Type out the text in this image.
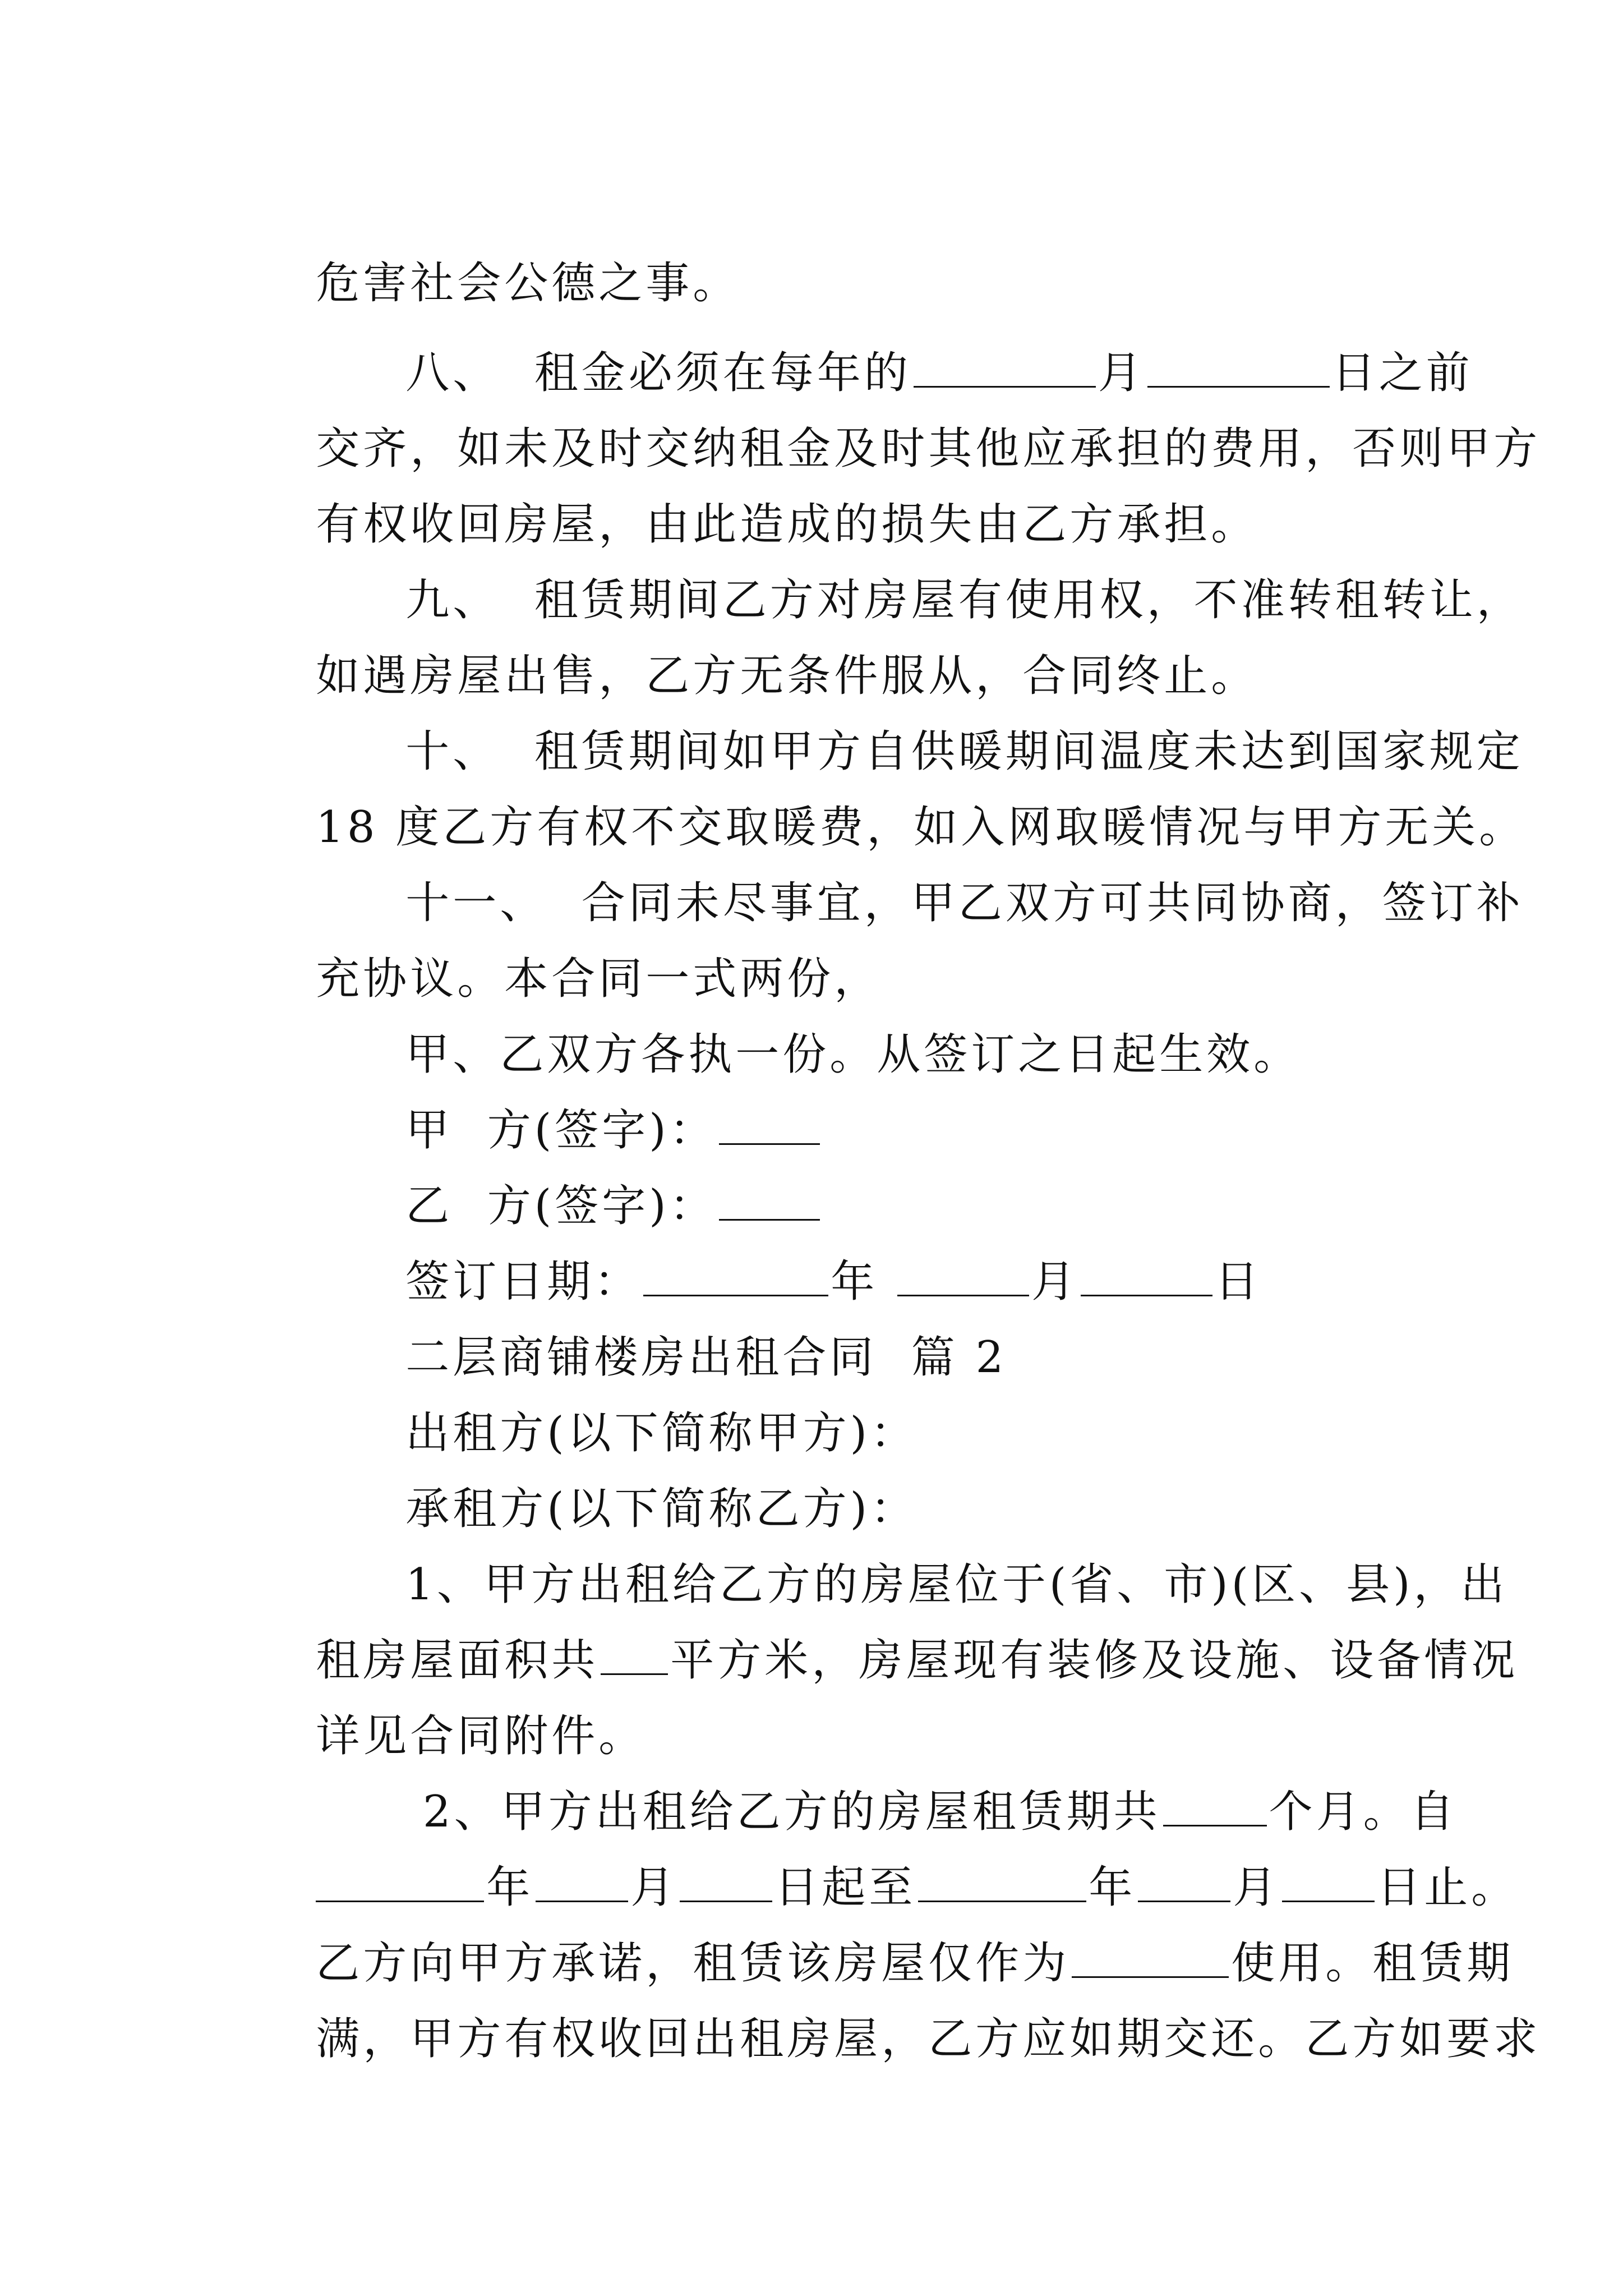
危害社会公德之事。

八、  租金必须在每年的	月	日之前

交齐，如未及时交纳租金及时其他应承担的费用，否则甲方

有权收回房屋，由此造成的损失由乙方承担。

九、  租赁期间乙方对房屋有使用权，不准转租转让，

如遇房屋出售，乙方无条件服从，合同终止。

十、  租赁期间如甲方自供暖期间温度未达到国家规定

18 度乙方有权不交取暖费，如入网取暖情况与甲方无关。

十一、  合同未尽事宜，甲乙双方可共同协商，签订补

充协议。本合同一式两份，

甲、乙双方各执一份。从签订之日起生效。

甲  方(签字)：

乙  方(签字)：

签订日期：	年	月	日

二层商铺楼房出租合同  篇 2

出租方(以下简称甲方)：

承租方(以下简称乙方)：

1、甲方出租给乙方的房屋位于(省、市)(区、县)，出

租房屋面积共 平方米，房屋现有装修及设施、设备情况

详见合同附件。

2、甲方出租给乙方的房屋租赁期共 个月。自

年 月 日起至	年 月 日止。

乙方向甲方承诺，租赁该房屋仅作为	使用。租赁期

满，甲方有权收回出租房屋，乙方应如期交还。乙方如要求
